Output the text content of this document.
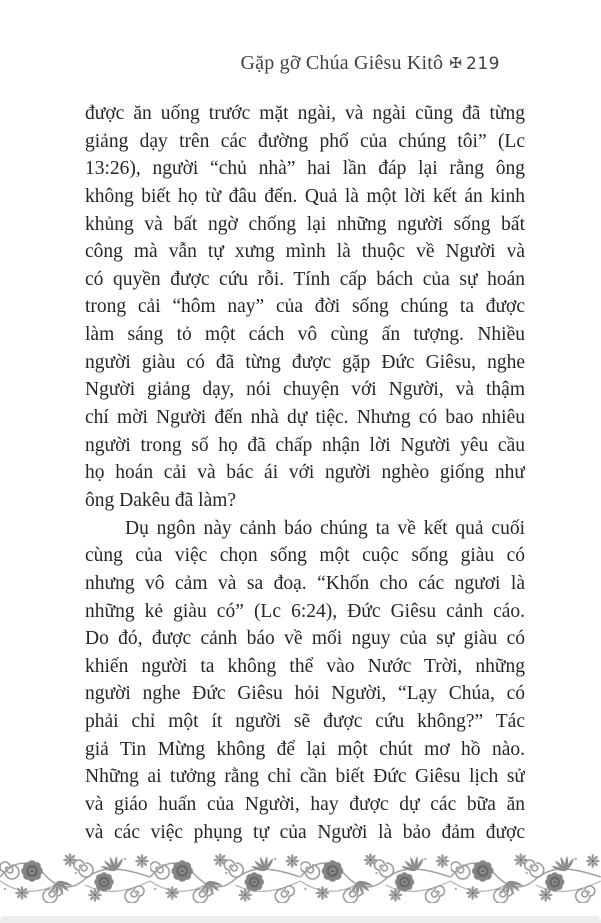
Gặp gỡ Chúa Giêsu Kitô ✠ 219
được ăn uống trước mặt ngài, và ngài cũng đã từng
giảng dạy trên các đường phố của chúng tôi” (Lc
13:26), người “chủ nhà” hai lần đáp lại rằng ông
không biết họ từ đâu đến. Quả là một lời kết án kinh
khủng và bất ngờ chống lại những người sống bất
công mà vẫn tự xưng mình là thuộc về Người và
có quyền được cứu rỗi. Tính cấp bách của sự hoán
trong cải “hôm nay” của đời sống chúng ta được
làm sáng tỏ một cách vô cùng ấn tượng. Nhiều
người giàu có đã từng được gặp Đức Giêsu, nghe
Người giảng dạy, nói chuyện với Người, và thậm
chí mời Người đến nhà dự tiệc. Nhưng có bao nhiêu
người trong số họ đã chấp nhận lời Người yêu cầu
họ hoán cải và bác ái với người nghèo giống như
ông Dakêu đã làm?
Dụ ngôn này cảnh báo chúng ta về kết quả cuối
cùng của việc chọn sống một cuộc sống giàu có
nhưng vô cảm và sa đoạ. “Khốn cho các ngươi là
những kẻ giàu có” (Lc 6:24), Đức Giêsu cảnh cáo.
Do đó, được cảnh báo về mối nguy của sự giàu có
khiến người ta không thể vào Nước Trời, những
người nghe Đức Giêsu hỏi Người, “Lạy Chúa, có
phải chỉ một ít người sẽ được cứu không?” Tác
giả Tin Mừng không để lại một chút mơ hồ nào.
Những ai tưởng rằng chỉ cần biết Đức Giêsu lịch sử
và giáo huấn của Người, hay được dự các bữa ăn
và các việc phụng tự của Người là bảo đảm được
